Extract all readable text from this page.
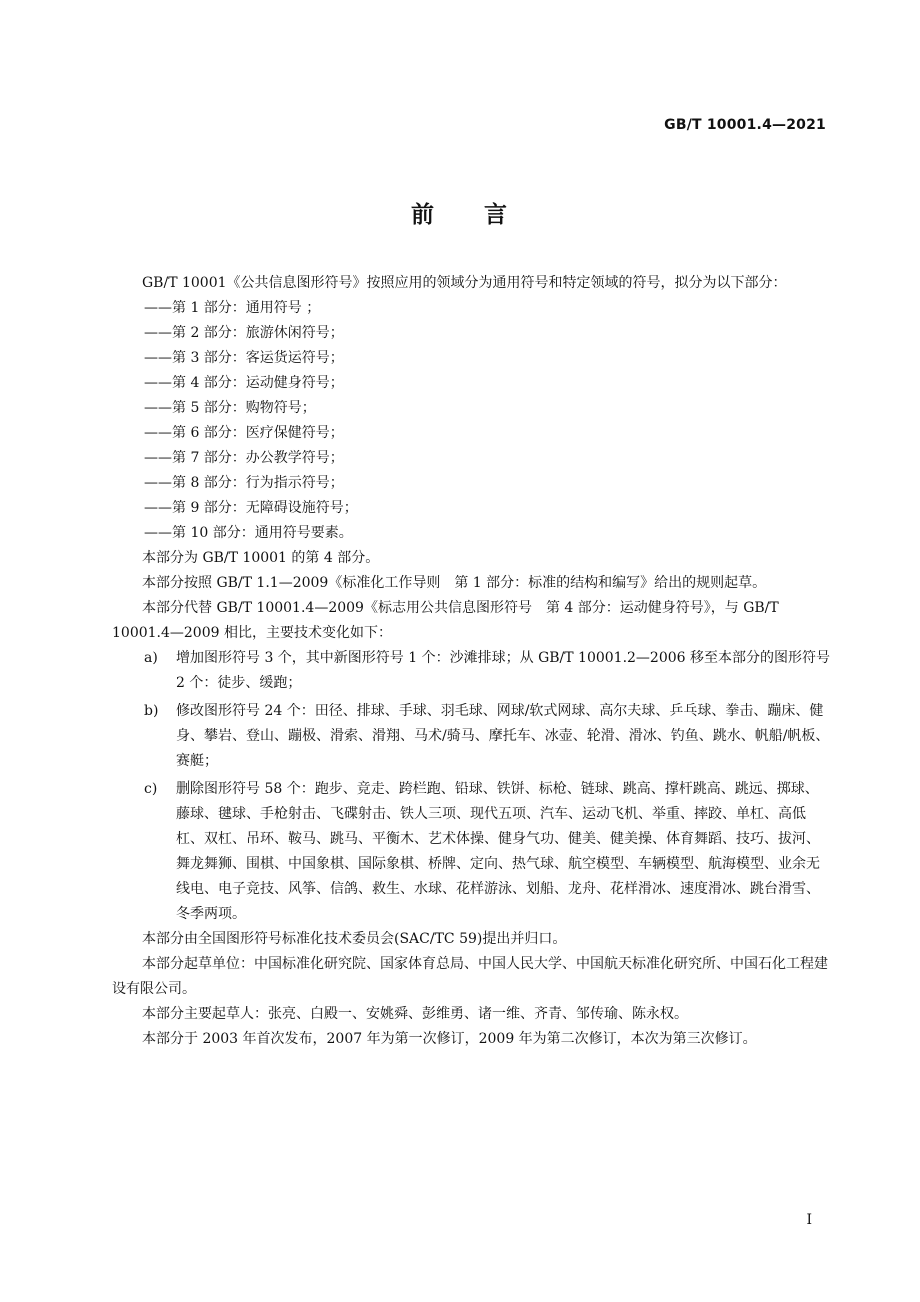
GB/T 10001.4—2021
前 言

GB/T 10001《公共信息图形符号》按照应用的领域分为通用符号和特定领域的符号，拟分为以下部分：

——第 1 部分：通用符号 ；

——第 2 部分：旅游休闲符号；

——第 3 部分：客运货运符号；

——第 4 部分：运动健身符号；

——第 5 部分：购物符号；

——第 6 部分：医疗保健符号；

——第 7 部分：办公教学符号；

——第 8 部分：行为指示符号；

——第 9 部分：无障碍设施符号；

——第 10 部分：通用符号要素。

本部分为 GB/T 10001 的第 4 部分。

本部分按照 GB/T 1.1—2009《标准化工作导则　第 1 部分：标准的结构和编写》给出的规则起草。

本部分代替 GB/T 10001.4—2009《标志用公共信息图形符号　第 4 部分：运动健身符号》，与 GB/T 10001.4—2009 相比，主要技术变化如下：

a) 增加图形符号 3 个，其中新图形符号 1 个：沙滩排球；从 GB/T 10001.2—2006 移至本部分的图形符号 2 个：徒步、缓跑；
b) 修改图形符号 24 个：田径、排球、手球、羽毛球、网球/软式网球、高尔夫球、乒乓球、拳击、蹦床、健身、攀岩、登山、蹦极、滑索、滑翔、马术/骑马、摩托车、冰壶、轮滑、滑冰、钓鱼、跳水、帆船/帆板、赛艇；
c) 删除图形符号 58 个：跑步、竞走、跨栏跑、铅球、铁饼、标枪、链球、跳高、撑杆跳高、跳远、掷球、藤球、毽球、手枪射击、飞碟射击、铁人三项、现代五项、汽车、运动飞机、举重、摔跤、单杠、高低杠、双杠、吊环、鞍马、跳马、平衡木、艺术体操、健身气功、健美、健美操、体育舞蹈、技巧、拔河、舞龙舞狮、围棋、中国象棋、国际象棋、桥牌、定向、热气球、航空模型、车辆模型、航海模型、业余无线电、电子竞技、风筝、信鸽、救生、水球、花样游泳、划船、龙舟、花样滑冰、速度滑冰、跳台滑雪、冬季两项。

本部分由全国图形符号标准化技术委员会(SAC/TC 59)提出并归口。

本部分起草单位：中国标准化研究院、国家体育总局、中国人民大学、中国航天标准化研究所、中国石化工程建设有限公司。

本部分主要起草人：张亮、白殿一、安姚舜、彭维勇、诸一维、齐青、邹传瑜、陈永权。

本部分于 2003 年首次发布，2007 年为第一次修订，2009 年为第二次修订，本次为第三次修订。

I
